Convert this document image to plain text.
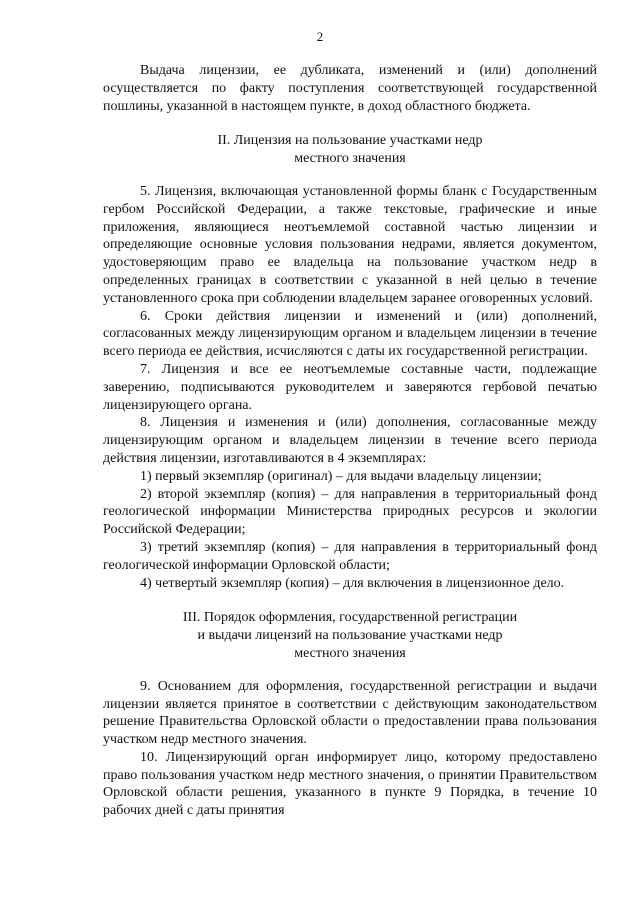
2

Выдача лицензии, ее дубликата, изменений и (или) дополнений осуществляется по факту поступления соответствующей государственной пошлины, указанной в настоящем пункте, в доход областного бюджета.

II. Лицензия на пользование участками недр

местного значения

5. Лицензия, включающая установленной формы бланк с Государственным гербом Российской Федерации, а также текстовые, графические и иные приложения, являющиеся неотъемлемой составной частью лицензии и определяющие основные условия пользования недрами, является документом, удостоверяющим право ее владельца на пользование участком недр в определенных границах в соответствии с указанной в ней целью в течение установленного срока при соблюдении владельцем заранее оговоренных условий.

6. Сроки действия лицензии и изменений и (или) дополнений, согласованных между лицензирующим органом и владельцем лицензии в течение всего периода ее действия, исчисляются с даты их государственной регистрации.

7. Лицензия и все ее неотъемлемые составные части, подлежащие заверению, подписываются руководителем и заверяются гербовой печатью лицензирующего органа.

8. Лицензия и изменения и (или) дополнения, согласованные между лицензирующим органом и владельцем лицензии в течение всего периода действия лицензии, изготавливаются в 4 экземплярах:

1) первый экземпляр (оригинал) – для выдачи владельцу лицензии;

2) второй экземпляр (копия) – для направления в территориальный фонд геологической информации Министерства природных ресурсов и экологии Российской Федерации;

3) третий экземпляр (копия) – для направления в территориальный фонд геологической информации Орловской области;

4) четвертый экземпляр (копия) – для включения в лицензионное дело.

III. Порядок оформления, государственной регистрации

и выдачи лицензий на пользование участками недр

местного значения

9. Основанием для оформления, государственной регистрации и выдачи лицензии является принятое в соответствии с действующим законодательством решение Правительства Орловской области о предоставлении права пользования участком недр местного значения.

10. Лицензирующий орган информирует лицо, которому предоставлено право пользования участком недр местного значения, о принятии Правительством Орловской области решения, указанного в пункте 9 Порядка, в течение 10 рабочих дней с даты принятия
